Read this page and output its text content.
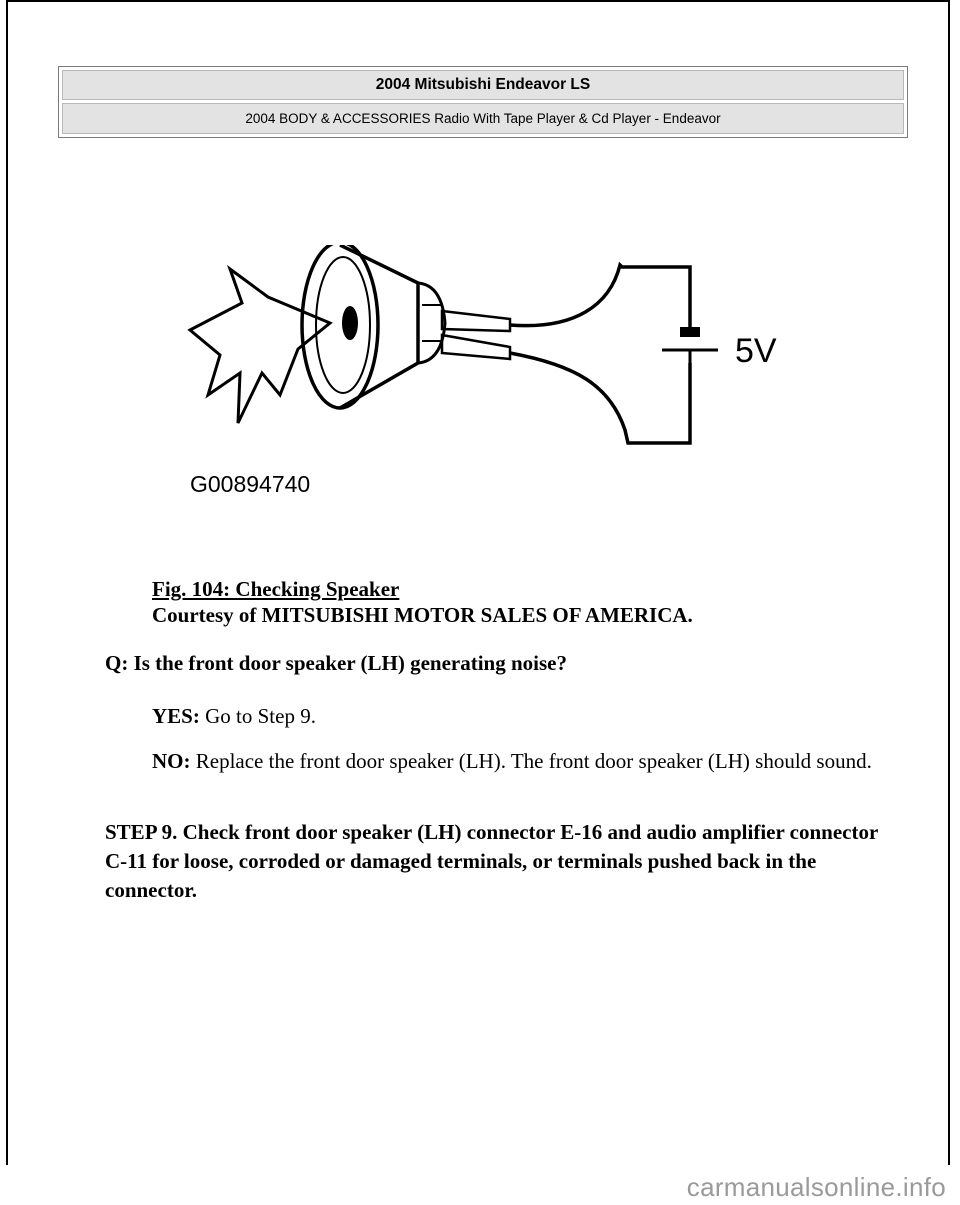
2004 Mitsubishi Endeavor LS
2004 BODY & ACCESSORIES Radio With Tape Player & Cd Player - Endeavor
5V
G00894740
Fig. 104: Checking Speaker
Courtesy of MITSUBISHI MOTOR SALES OF AMERICA.
Q: Is the front door speaker (LH) generating noise?
YES: Go to Step 9.
NO: Replace the front door speaker (LH). The front door speaker (LH) should sound.
STEP 9. Check front door speaker (LH) connector E-16 and audio amplifier connector C-11 for loose, corroded or damaged terminals, or terminals pushed back in the connector.
carmanualsonline.info
